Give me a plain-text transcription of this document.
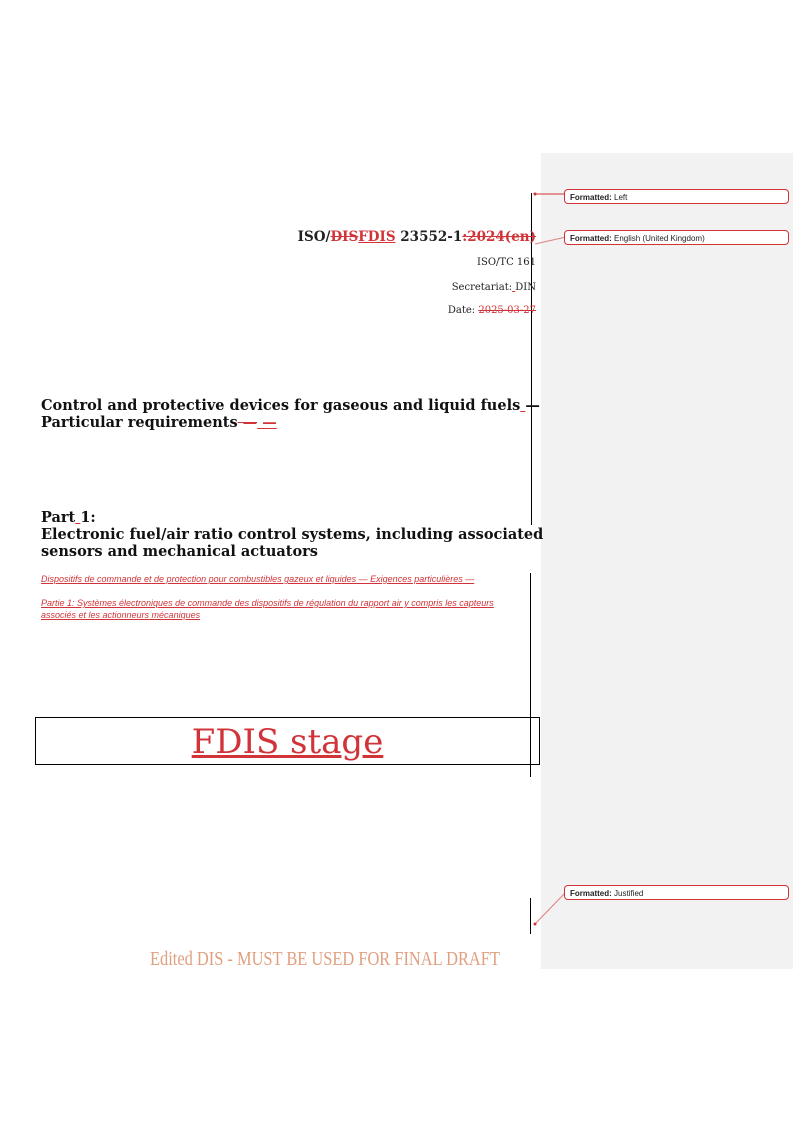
Formatted: Left
Formatted: English (United Kingdom)
Formatted: Justified
ISO/DISFDIS 23552-1:2024(en)
ISO/TC 161
Secretariat: DIN
Date: 2025-03-27
Control and protective devices for gaseous and liquid fuels —
Particular requirements — —
Part 1:
Electronic fuel/air ratio control systems, including associated
sensors and mechanical actuators
Dispositifs de commande et de protection pour combustibles gazeux et liquides — Exigences particulières —
Partie 1: Systèmes électroniques de commande des dispositifs de régulation du rapport air y compris les capteurs associés et les actionneurs mécaniques
FDIS stage
Edited DIS - MUST BE USED FOR FINAL DRAFT
